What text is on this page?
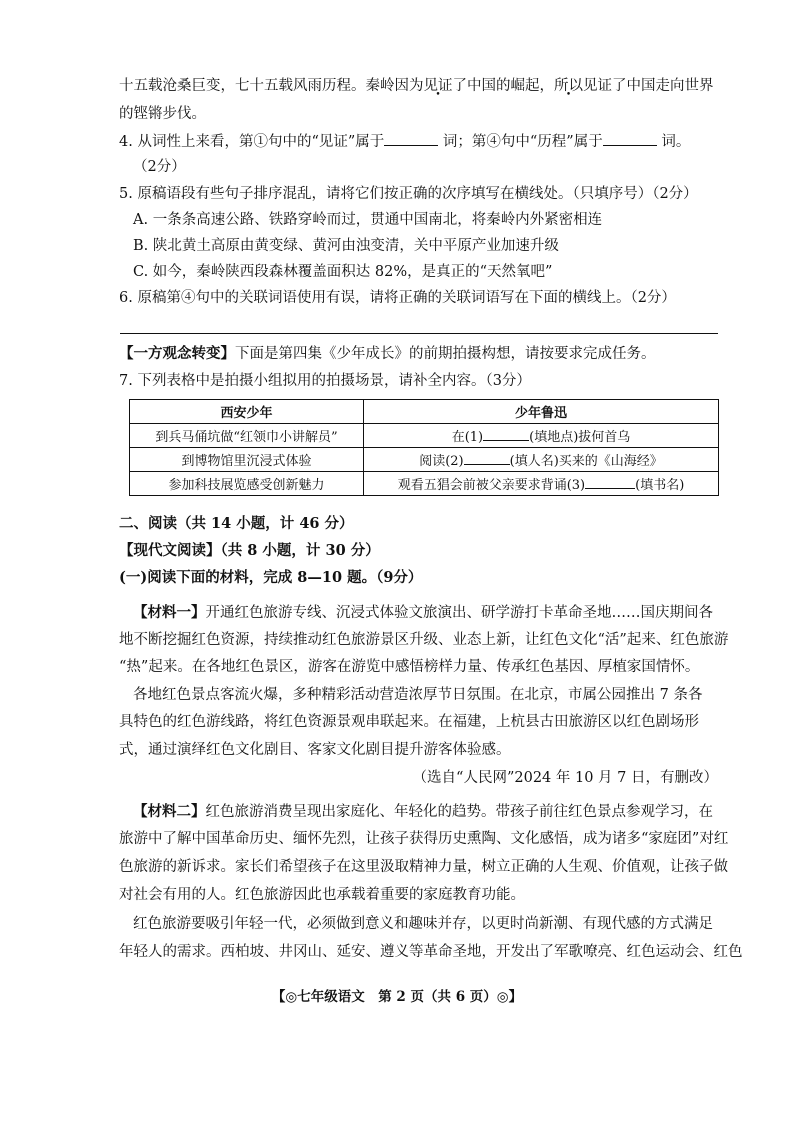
十五载沧桑巨变，七十五载风雨历程。秦岭因为见证了中国的崛起，所以见证了中国走向世界
的铿锵步伐。
4. 从词性上来看，第①句中的“见证”属于	词；第④句中“历程”属于	词。
（2分）
5. 原稿语段有些句子排序混乱，请将它们按正确的次序填写在横线处。（只填序号）（2分）
A. 一条条高速公路、铁路穿岭而过，贯通中国南北，将秦岭内外紧密相连
B. 陕北黄土高原由黄变绿、黄河由浊变清，关中平原产业加速升级
C. 如今，秦岭陕西段森林覆盖面积达 82%，是真正的“天然氧吧”
6. 原稿第④句中的关联词语使用有误，请将正确的关联词语写在下面的横线上。（2分）
【一方观念转变】下面是第四集《少年成长》的前期拍摄构想，请按要求完成任务。
7. 下列表格中是拍摄小组拟用的拍摄场景，请补全内容。（3分）
西安少年	少年鲁迅
到兵马俑坑做“红领巾小讲解员”	在(1) (填地点)拔何首乌
到博物馆里沉浸式体验	阅读(2) (填人名)买来的《山海经》
参加科技展览感受创新魅力	观看五猖会前被父亲要求背诵(3) (填书名)
二、阅读（共 14 小题，计 46 分）
【现代文阅读】（共 8 小题，计 30 分）
(一)阅读下面的材料，完成 8—10 题。（9分）
【材料一】开通红色旅游专线、沉浸式体验文旅演出、研学游打卡革命圣地……国庆期间各
地不断挖掘红色资源，持续推动红色旅游景区升级、业态上新，让红色文化“活”起来、红色旅游
“热”起来。在各地红色景区，游客在游览中感悟榜样力量、传承红色基因、厚植家国情怀。
各地红色景点客流火爆，多种精彩活动营造浓厚节日氛围。在北京，市属公园推出 7 条各
具特色的红色游线路，将红色资源景观串联起来。在福建，上杭县古田旅游区以红色剧场形
式，通过演绎红色文化剧目、客家文化剧目提升游客体验感。
（选自“人民网”2024 年 10 月 7 日，有删改）
【材料二】红色旅游消费呈现出家庭化、年轻化的趋势。带孩子前往红色景点参观学习，在
旅游中了解中国革命历史、缅怀先烈，让孩子获得历史熏陶、文化感悟，成为诸多“家庭团”对红
色旅游的新诉求。家长们希望孩子在这里汲取精神力量，树立正确的人生观、价值观，让孩子做
对社会有用的人。红色旅游因此也承载着重要的家庭教育功能。
红色旅游要吸引年轻一代，必须做到意义和趣味并存，以更时尚新潮、有现代感的方式满足
年轻人的需求。西柏坡、井冈山、延安、遵义等革命圣地，开发出了军歌嘹亮、红色运动会、红色
【◎七年级语文　第 2 页（共 6 页）◎】
